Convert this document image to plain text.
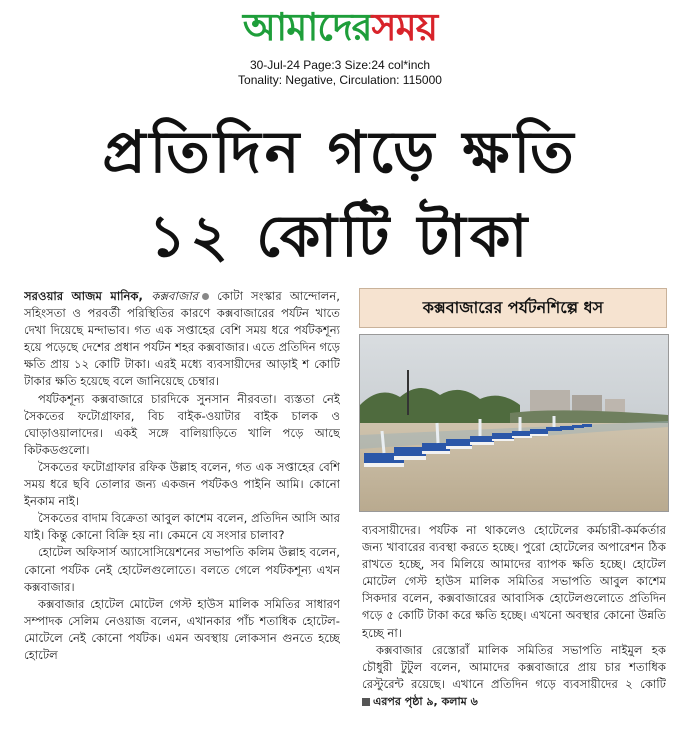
আমাদেরসময়
30-Jul-24 Page:3 Size:24 col*inch
Tonality: Negative, Circulation: 115000
প্রতিদিন গড়ে ক্ষতি
১২ কোটি টাকা

সরওয়ার আজম মানিক, কক্সবাজার কোটা সংস্কার আন্দোলন, সহিংসতা ও পরবর্তী পরিস্থিতির কারণে কক্সবাজারের পর্যটন খাতে দেখা দিয়েছে মন্দাভাব। গত এক সপ্তাহের বেশি সময় ধরে পর্যটকশূন্য হয়ে পড়েছে দেশের প্রধান পর্যটন শহর কক্সবাজার। এতে প্রতিদিন গড়ে ক্ষতি প্রায় ১২ কোটি টাকা। এরই মধ্যে ব্যবসায়ীদের আড়াই শ কোটি টাকার ক্ষতি হয়েছে বলে জানিয়েছে চেম্বার।

পর্যটকশূন্য কক্সবাজারে চারদিকে সুনসান নীরবতা। ব্যস্ততা নেই সৈকতের ফটোগ্রাফার, বিচ বাইক-ওয়াটার বাইক চালক ও ঘোড়াওয়ালাদের। একই সঙ্গে বালিয়াড়িতে খালি পড়ে আছে কিটকডগুলো।

সৈকতের ফটোগ্রাফার রফিক উল্লাহ বলেন, গত এক সপ্তাহের বেশি সময় ধরে ছবি তোলার জন্য একজন পর্যটকও পাইনি আমি। কোনো ইনকাম নাই।

সৈকতের বাদাম বিক্রেতা আবুল কাশেম বলেন, প্রতিদিন আসি আর যাই। কিন্তু কোনো বিক্রি হয় না। কেমনে যে সংসার চালাব?

হোটেল অফিসার্স অ্যাসোসিয়েশনের সভাপতি কলিম উল্লাহ বলেন, কোনো পর্যটক নেই হোটেলগুলোতে। বলতে গেলে পর্যটকশূন্য এখন কক্সবাজার।

কক্সবাজার হোটেল মোটেল গেস্ট হাউস মালিক সমিতির সাধারণ সম্পাদক সেলিম নেওয়াজ বলেন, এখানকার পাঁচ শতাধিক হোটেল-মোটেলে নেই কোনো পর্যটক। এমন অবস্থায় লোকসান গুনতে হচ্ছে হোটেল

কক্সবাজারের পর্যটনশিল্পে ধস

ব্যবসায়ীদের। পর্যটক না থাকলেও হোটেলের কর্মচারী-কর্মকর্তার জন্য খাবারের ব্যবস্থা করতে হচ্ছে। পুরো হোটেলের অপারেশন ঠিক রাখতে হচ্ছে, সব মিলিয়ে আমাদের ব্যাপক ক্ষতি হচ্ছে। হোটেল মোটেল গেস্ট হাউস মালিক সমিতির সভাপতি আবুল কাশেম সিকদার বলেন, কক্সবাজারের আবাসিক হোটেলগুলোতে প্রতিদিন গড়ে ৫ কোটি টাকা করে ক্ষতি হচ্ছে। এখনো অবস্থার কোনো উন্নতি হচ্ছে না।

কক্সবাজার রেস্তোরাঁ মালিক সমিতির সভাপতি নাইমুল হক চৌধুরী টুটুল বলেন, আমাদের কক্সবাজারে প্রায় চার শতাধিক রেস্টুরেন্ট রয়েছে। এখানে প্রতিদিন গড়ে ব্যবসায়ীদের ২ কোটি এরপর পৃষ্ঠা ৯, কলাম ৬
